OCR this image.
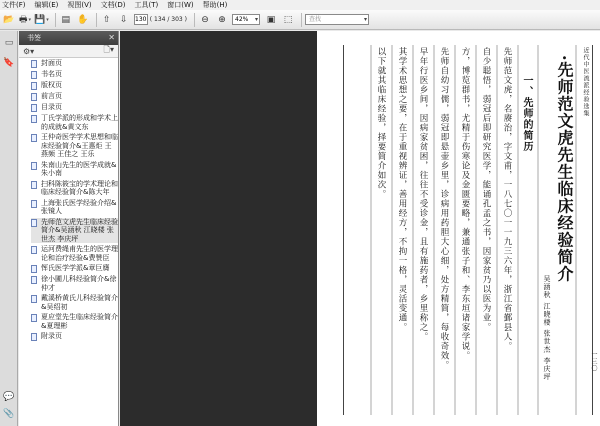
文件(F) 编辑(E) 视图(V) 文档(D) 工具(T) 窗口(W) 帮助(H)
📂 🖶 ▾ 💾 ▾	▤ ✋	⇧	⇩	130 ( 134 / 303 )	⊖	⊕	42% ▾	▣ ⬚	查找 ▾
▭
🔖
💬
📎
书签	✕
⚙▾	🗋▾
封面页
书名页
版权页
前言页
目录页
丁氏学派的形成和学术上的成就&黄文东
王仲奇医学学术思想和临床经验简介&王惠炬 王燕频 王佳之 王乐
朱南山先生的医学成就&朱小南
扫科陈筱宝的学术理论和临床经验简介&陈大年
上海张氏医学经验介绍&张镜人
先师范文虎先生临床经验简介&吴涵秋 江晓楼 张世杰 李庆坪
运河费绳甫先生的医学理论和治疗经验&费赞臣
恽氏医学学派&章巨膺
徐小圃儿科经验简介&徐仲才
戴溪桥黄氏儿科经验简介&吴绍初
夏应堂先生临床经验简介&夏理彬
附录页
近代中医流派经验选集
·先师范文虎先生临床经验简介
吴涵秋 江晓楼 张世杰 李庆坪
一、先师的简历
先师范文虎，名赓治，字文甫，一八七〇一一九三六年，浙江省鄞县人。
自少聪悟，弱冠后即研究医学，能诵孔孟之书，因家贫乃以医为业。
方，博览群书，尤精于伤寒论及金匮要略，兼通张子和、李东垣诸家学说。
先师自幼习儒，弱冠即悬壶乡里，诊病用药胆大心细，处方精简，每收奇效。
早年行医乡间，因病家贫困，往往不受诊金，且有施药者，乡里称之。
其学术思想之要，在于重视辨证，善用经方，不拘一格，灵活变通。
以下就其临床经验，择要简介如次。
一三〇
